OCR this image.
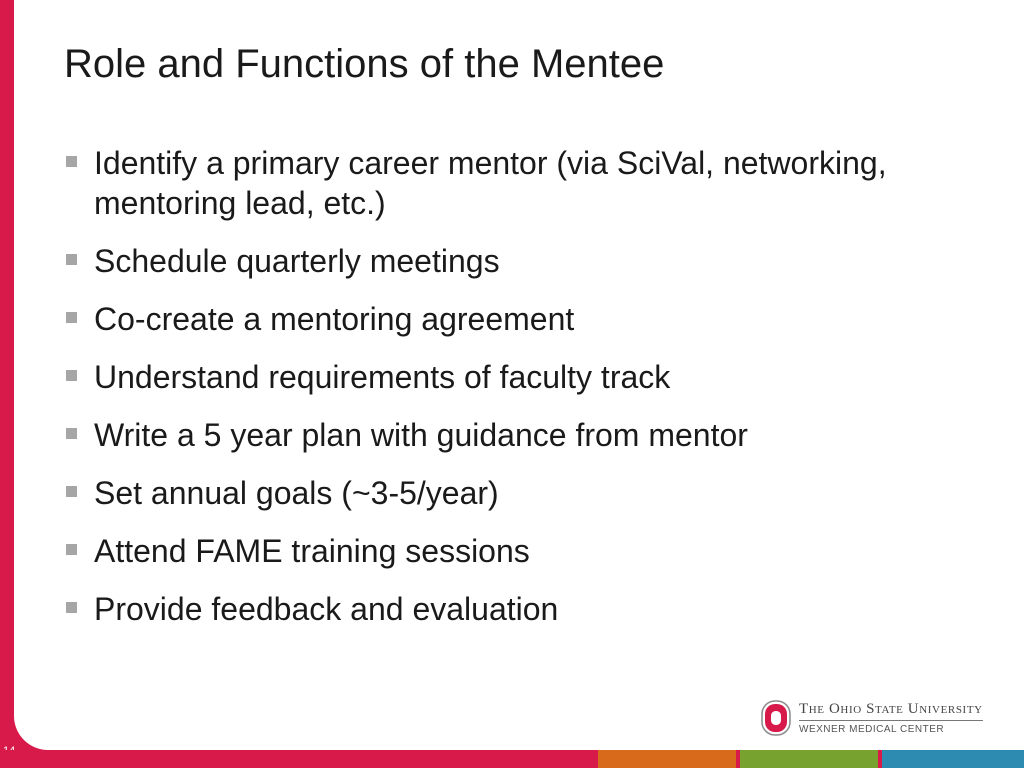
Role and Functions of the Mentee
Identify a primary career mentor (via SciVal, networking, mentoring lead, etc.)
Schedule quarterly meetings
Co-create a mentoring agreement
Understand requirements of faculty track
Write a 5 year plan with guidance from mentor
Set annual goals (~3-5/year)
Attend FAME training sessions
Provide feedback and evaluation
The Ohio State University
WEXNER MEDICAL CENTER
